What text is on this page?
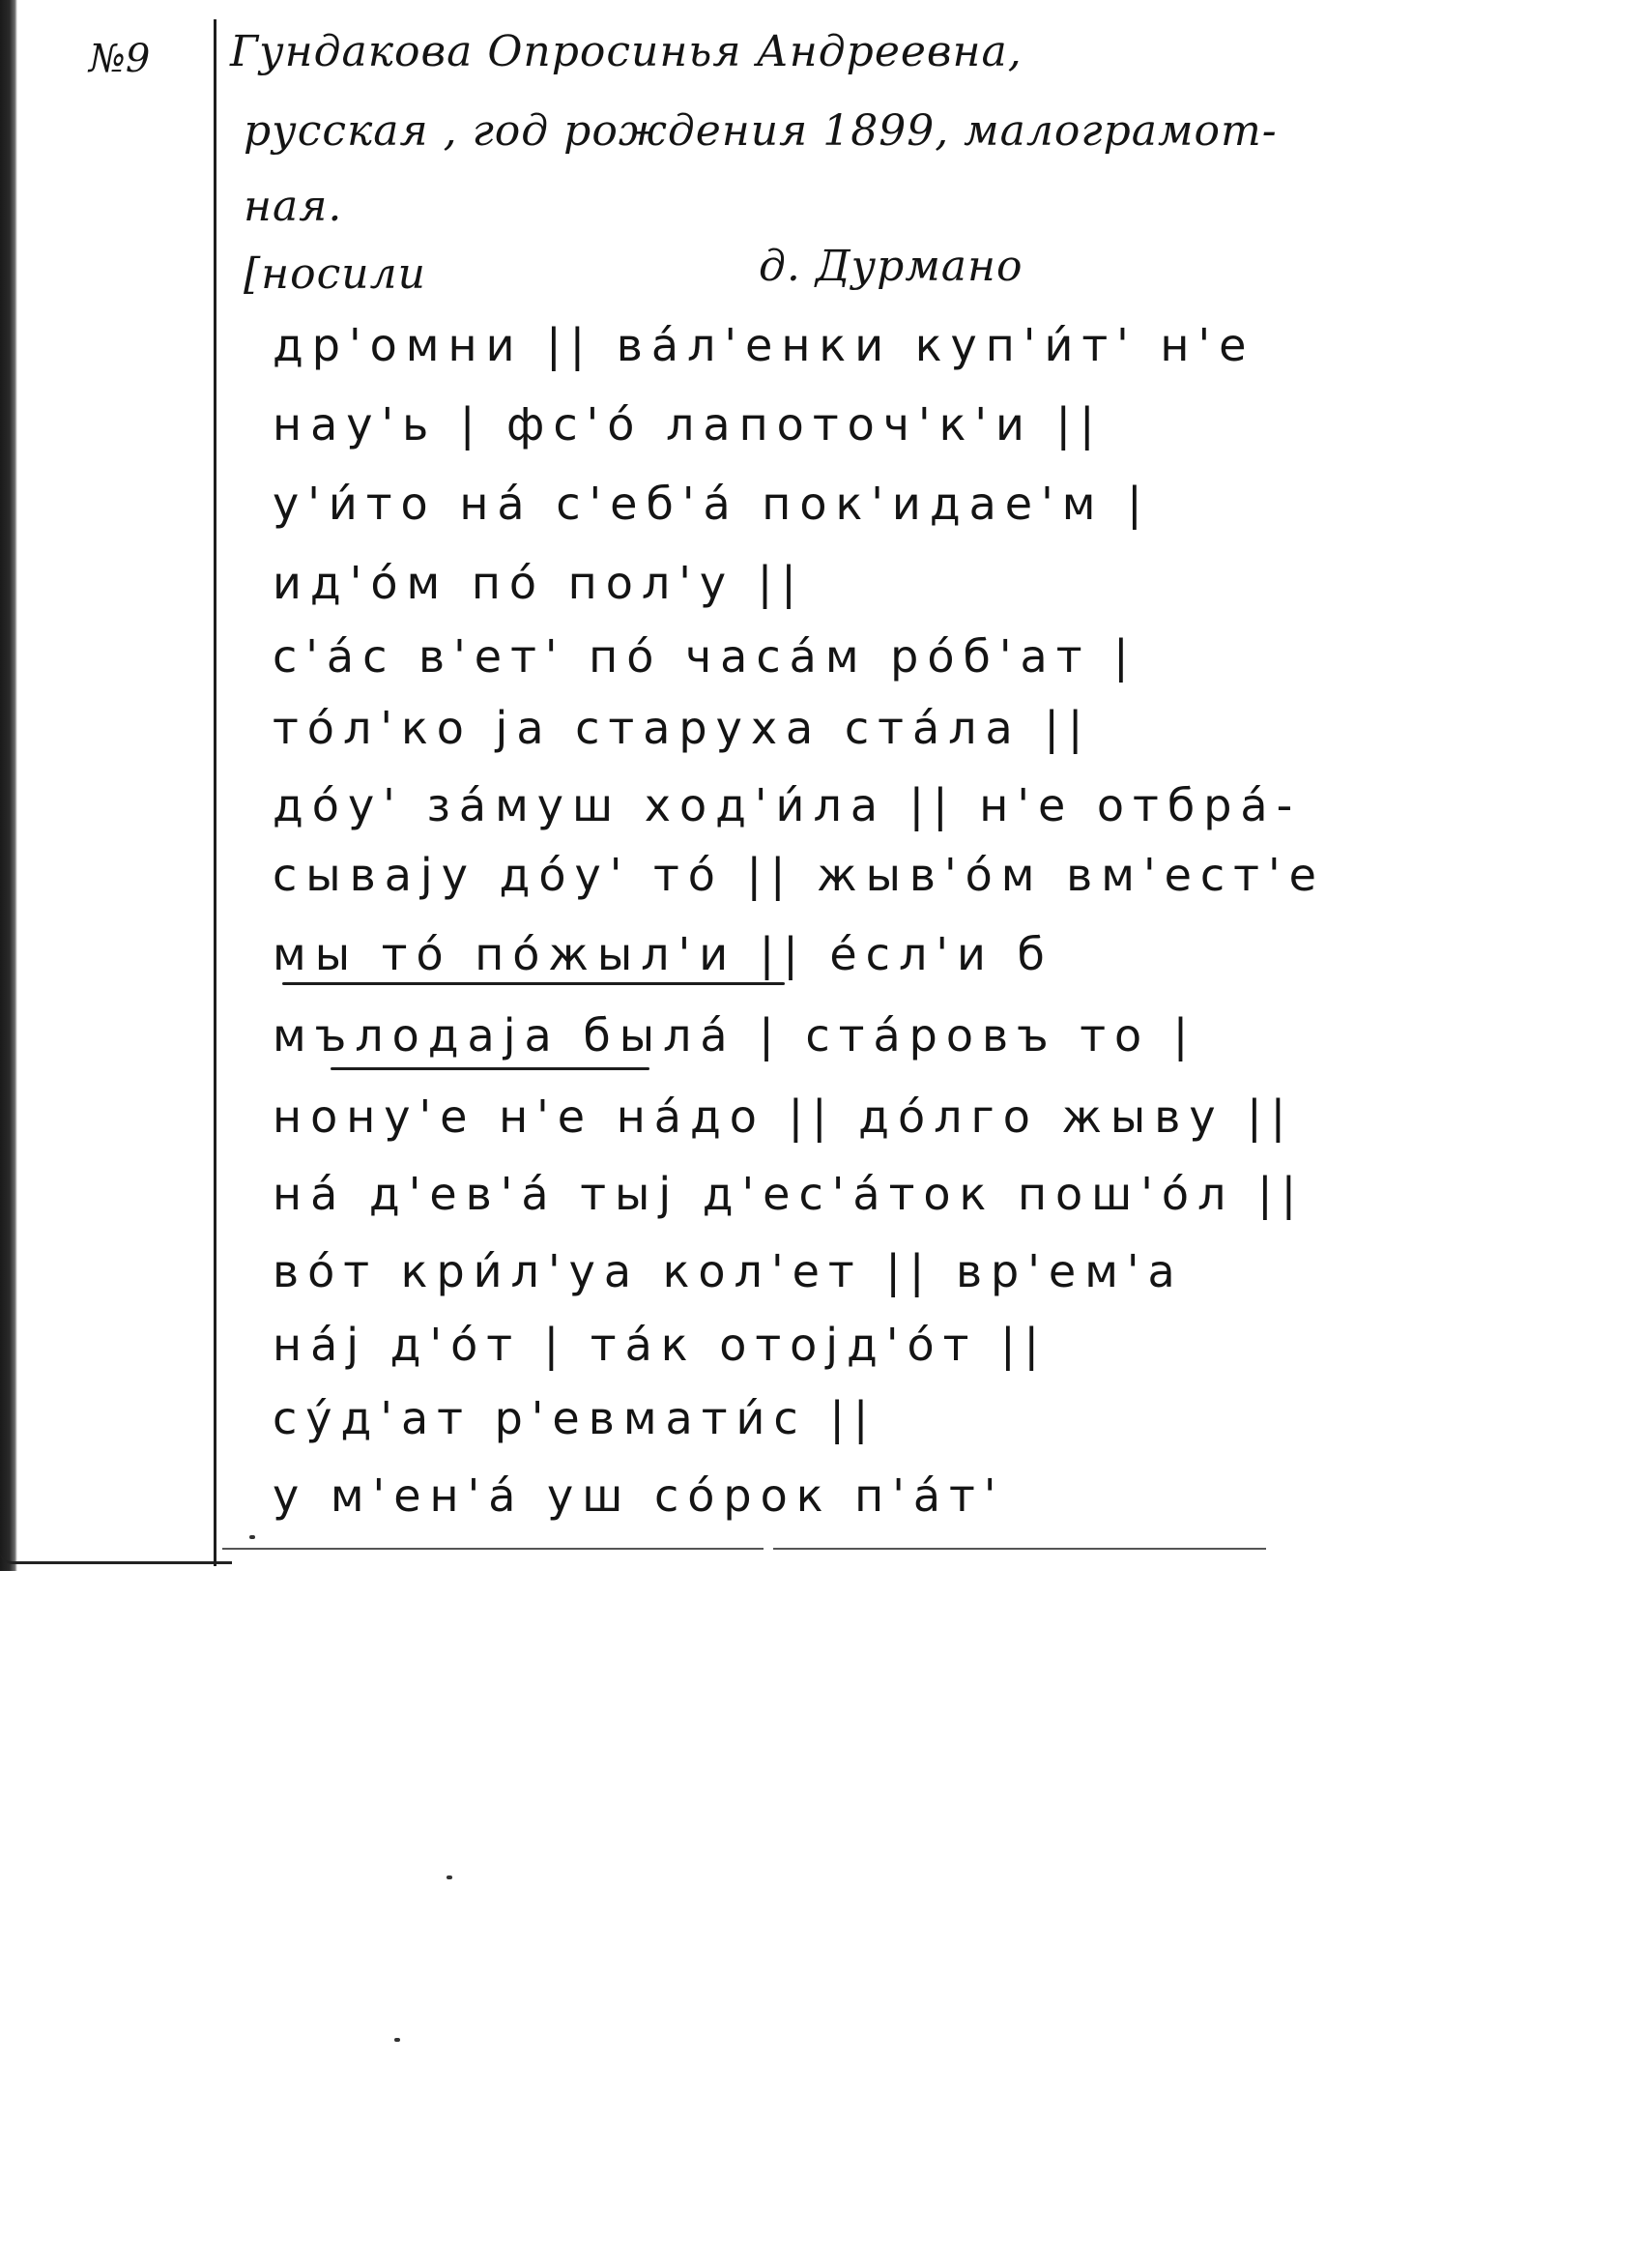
№9 Гундакова Опросинья Андреевна,
русская , год рождения 1899, малограмот-
ная.
[носили	д. Дурмано
др'омни || ва́л'енки куп'и́т' н'е
нау'ь | фс'о́ лапоточ'к'и ||
у'и́то на́ с'еб'а́ пок'идае'м |
ид'о́м по́ пол'у ||
с'а́с в'ет' по́ часа́м ро́б'ат |
то́л'ко ја старуха ста́ла ||
до́у' за́муш ход'и́ла || н'е отбра́-
сываjу до́у' то́ || жыв'о́м вм'ест'е
мы то́ по́жыл'и || е́сл'и б
мълодаја была́ | ста́ровъ то |
нону'е н'е на́до || до́лго жыву ||
на́ д'ев'а́ тыj д'ес'а́ток пош'о́л ||
во́т кри́л'уа кол'ет || вр'ем'а
на́j д'о́т | та́к отоjд'о́т ||
су́д'ат р'евмати́с ||
у м'ен'а́ уш со́рок п'а́т'
